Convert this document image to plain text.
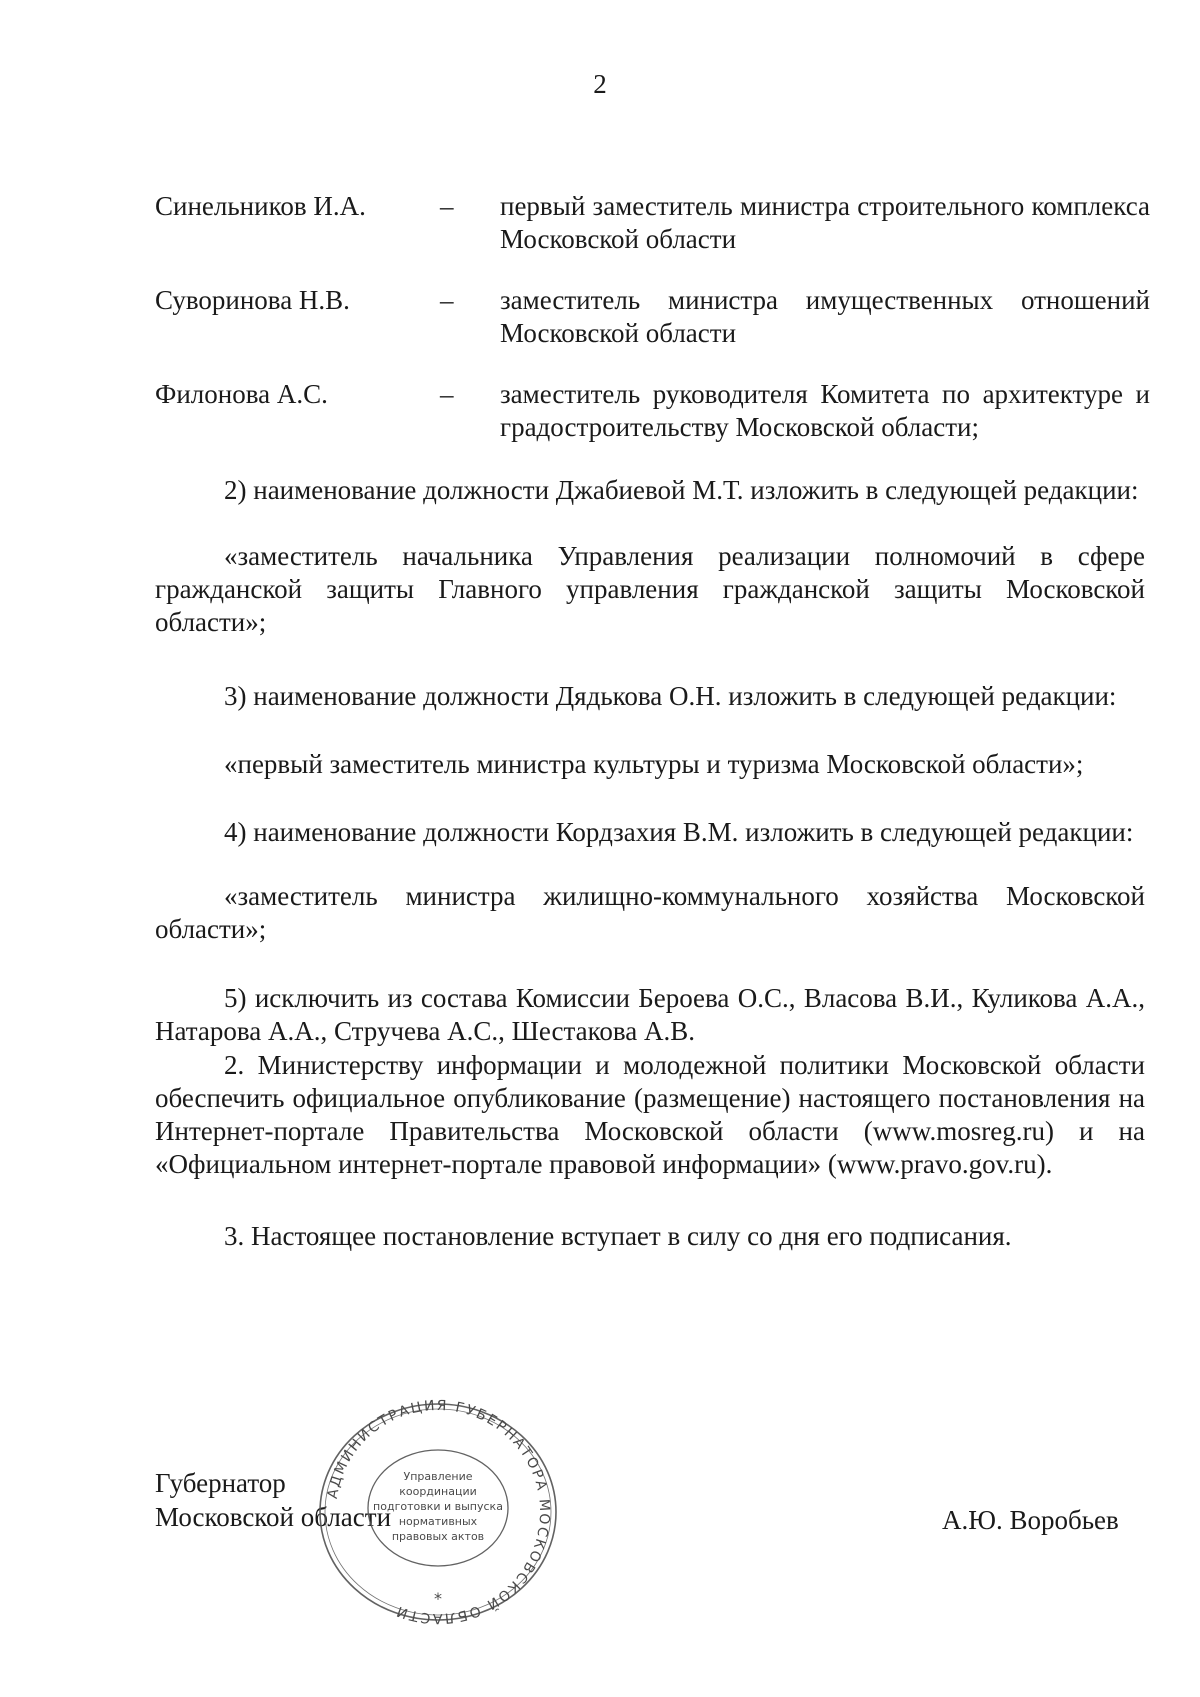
2
Синельников И.А.	– первый заместитель министра строительного комплекса Московской области
Суворинова Н.В.	– заместитель министра имущественных отношений Московской области
Филонова А.С.	– заместитель руководителя Комитета по архитектуре и градостроительству Московской области;
2) наименование должности Джабиевой М.Т. изложить в следующей редакции:
«заместитель начальника Управления реализации полномочий в сфере гражданской защиты Главного управления гражданской защиты Московской области»;
3) наименование должности Дядькова О.Н. изложить в следующей редакции:
«первый заместитель министра культуры и туризма Московской области»;
4) наименование должности Кордзахия В.М. изложить в следующей редакции:
«заместитель министра жилищно-коммунального хозяйства Московской области»;
5) исключить из состава Комиссии Бероева О.С., Власова В.И., Куликова А.А., Натарова А.А., Стручева А.С., Шестакова А.В.
2. Министерству информации и молодежной политики Московской области обеспечить официальное опубликование (размещение) настоящего постановления на Интернет-портале Правительства Московской области (www.mosreg.ru) и на «Официальном интернет-портале правовой информации» (www.pravo.gov.ru).
3. Настоящее постановление вступает в силу со дня его подписания.
Губернатор
Московской области	А.Ю. Воробьев
АДМИНИСТРАЦИЯ ГУБЕРНАТОРА МОСКОВСКОЙ ОБЛАСТИ
Управление
координации
подготовки и выпуска
нормативных
правовых актов
*
